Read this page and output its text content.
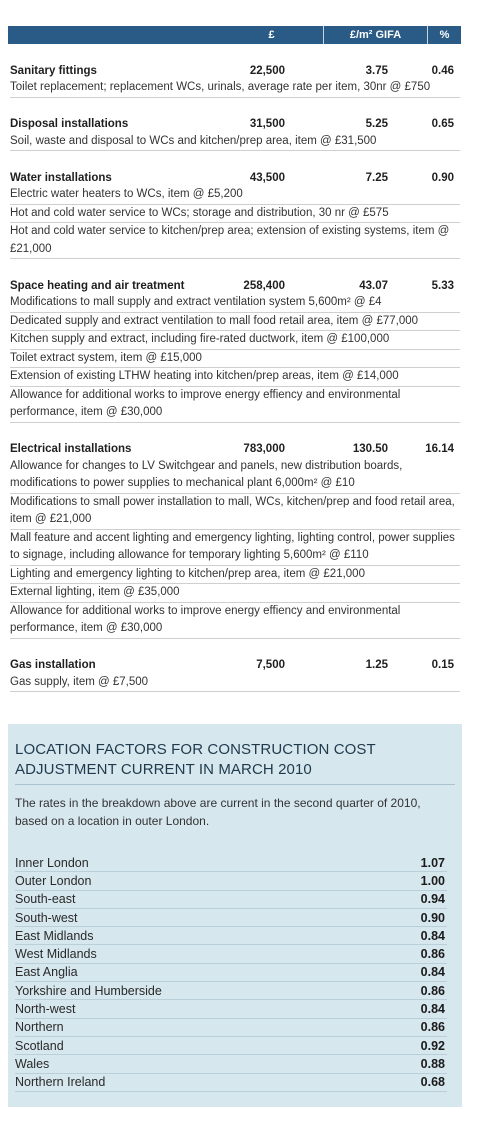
£	£/m² GIFA	%
Sanitary fittings	22,500	3.75	0.46
Toilet replacement; replacement WCs, urinals, average rate per item, 30nr @ £750
Disposal installations	31,500	5.25	0.65
Soil, waste and disposal to WCs and kitchen/prep area, item @ £31,500
Water installations	43,500	7.25	0.90
Electric water heaters to WCs, item @ £5,200
Hot and cold water service to WCs; storage and distribution, 30 nr @ £575
Hot and cold water service to kitchen/prep area; extension of existing systems, item @ £21,000
Space heating and air treatment	258,400	43.07	5.33
Modifications to mall supply and extract ventilation system 5,600m² @ £4
Dedicated supply and extract ventilation to mall food retail area, item @ £77,000
Kitchen supply and extract, including fire-rated ductwork, item @ £100,000
Toilet extract system, item @ £15,000
Extension of existing LTHW heating into kitchen/prep areas, item @ £14,000
Allowance for additional works to improve energy effiency and environmental performance, item @ £30,000
Electrical installations	783,000	130.50	16.14
Allowance for changes to LV Switchgear and panels, new distribution boards, modifications to power supplies to mechanical plant 6,000m² @ £10
Modifications to small power installation to mall, WCs, kitchen/prep and food retail area, item @ £21,000
Mall feature and accent lighting and emergency lighting, lighting control, power supplies to signage, including allowance for temporary lighting 5,600m² @ £110
Lighting and emergency lighting to kitchen/prep area, item @ £21,000
External lighting, item @ £35,000
Allowance for additional works to improve energy effiency and environmental performance, item @ £30,000
Gas installation	7,500	1.25	0.15
Gas supply, item @ £7,500
LOCATION FACTORS FOR CONSTRUCTION COST ADJUSTMENT CURRENT IN MARCH 2010
The rates in the breakdown above are current in the second quarter of 2010, based on a location in outer London.
Inner London	1.07
Outer London	1.00
South-east	0.94
South-west	0.90
East Midlands	0.84
West Midlands	0.86
East Anglia	0.84
Yorkshire and Humberside	0.86
North-west	0.84
Northern	0.86
Scotland	0.92
Wales	0.88
Northern Ireland	0.68
